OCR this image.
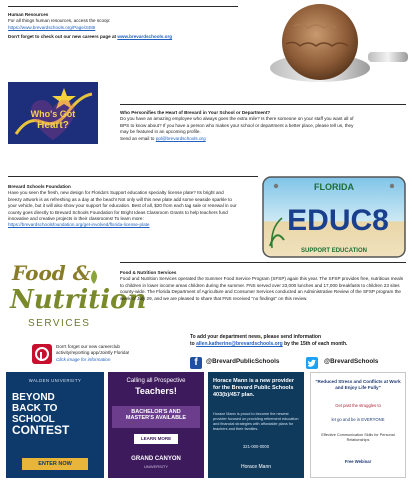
Human Resources
For all things human resources, access the scoop:
https://www.brevardschools.org/Page/3485
Don't forget to check out our new careers page at www.brevardschools.org
Who's Got
Heart?
Who Personifies the Heart of Brevard in Your School or Department?
Do you have an amazing employee who always goes the extra mile? Is there someone on your staff you want all of BPS to know about? If you have a person who makes your school or department a better place, please tell us, they may be featured in an upcoming profile.
Send an email to ppl@brevardschools.org
Brevard Schools Foundation
Have you seen the fresh, new design for Florida's Support education specialty license plate? Its bright and breezy artwork is as refreshing as a day at the beach! Not only will this new plate add some seaside sparkle to your vehicle, but it will also show your support for education. Best of all, $20 from each tag sale or renewal in our county goes directly to Brevard Schools Foundation for Bright Ideas Classroom Grants to help teachers fund innovative and creative projects in their classrooms! To learn more:
https://brevardschoolsfoundation.org/get-involved/florida-license-plate
FLORIDA
EDUC8
SUPPORT EDUCATION
Food &
Nutrition
SERVICES
Food & Nutrition Services
Food and Nutrition Services operated the Summer Food Service Program (SFSP) again this year. The SFSP provides free, nutritious meals to children in lower income areas children during the summer. FNS served over 23,000 lunches and 17,000 breakfasts to children 23 sites county-wide. The Florida Department of Agriculture and Consumer Services conducted an Administrative Review of the SFSP program the week of July 29, and we are pleased to share that FNS received "no findings" on this review.
To add your department news, please send information
to allen.katherine@brevardschools.org by the 15th of each month.
Don't forget our new careerclub
activity/reporting app/Jointly Florida!
Click image for information	f	@BrevardPublicSchools	@BrevardSchools
WALDEN UNIVERSITY
BEYOND
BACK TO
SCHOOL
CONTEST
ENTER NOW
Calling all Prospective
Teachers!
BACHELOR'S AND
MASTER'S AVAILABLE
LEARN MORE
GRAND CANYON
UNIVERSITY
Horace Mann is a new provider for the Brevard Public Schools 403(b)/457 plan.
Horace Mann is proud to become the newest provider focused on providing retirement education and financial strategies with affordable plans for teachers and their families.
321-000-0000
Horace Mann
"Reduced Stress and Conflicts at Work and Enjoy Life Fully"
Get past the struggles to
let go and be in EVERYONE
Effective Communication Skills for Personal Relationships
Free Webinar
